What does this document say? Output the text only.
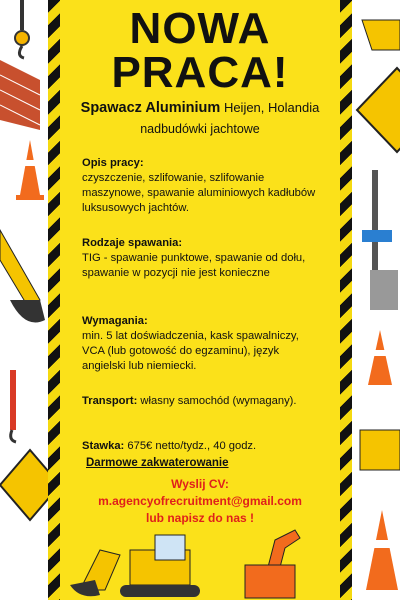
NOWA
PRACA!
Spawacz Aluminium Heijen, Holandia
nadbudówki jachtowe
Opis pracy:
czyszczenie, szlifowanie, szlifowanie maszynowe, spawanie aluminiowych kadłubów luksusowych jachtów.
Rodzaje spawania:
TIG - spawanie punktowe, spawanie od dołu, spawanie w pozycji nie jest konieczne
Wymagania:
min. 5 lat doświadczenia, kask spawalniczy, VCA (lub gotowość do egzaminu), język angielski lub niemiecki.
Transport: własny samochód (wymagany).
Stawka: 675€ netto/tydz., 40 godz.
Darmowe zakwaterowanie
Wyslij CV:
m.agencyofrecruitment@gmail.com
lub napisz do nas !
